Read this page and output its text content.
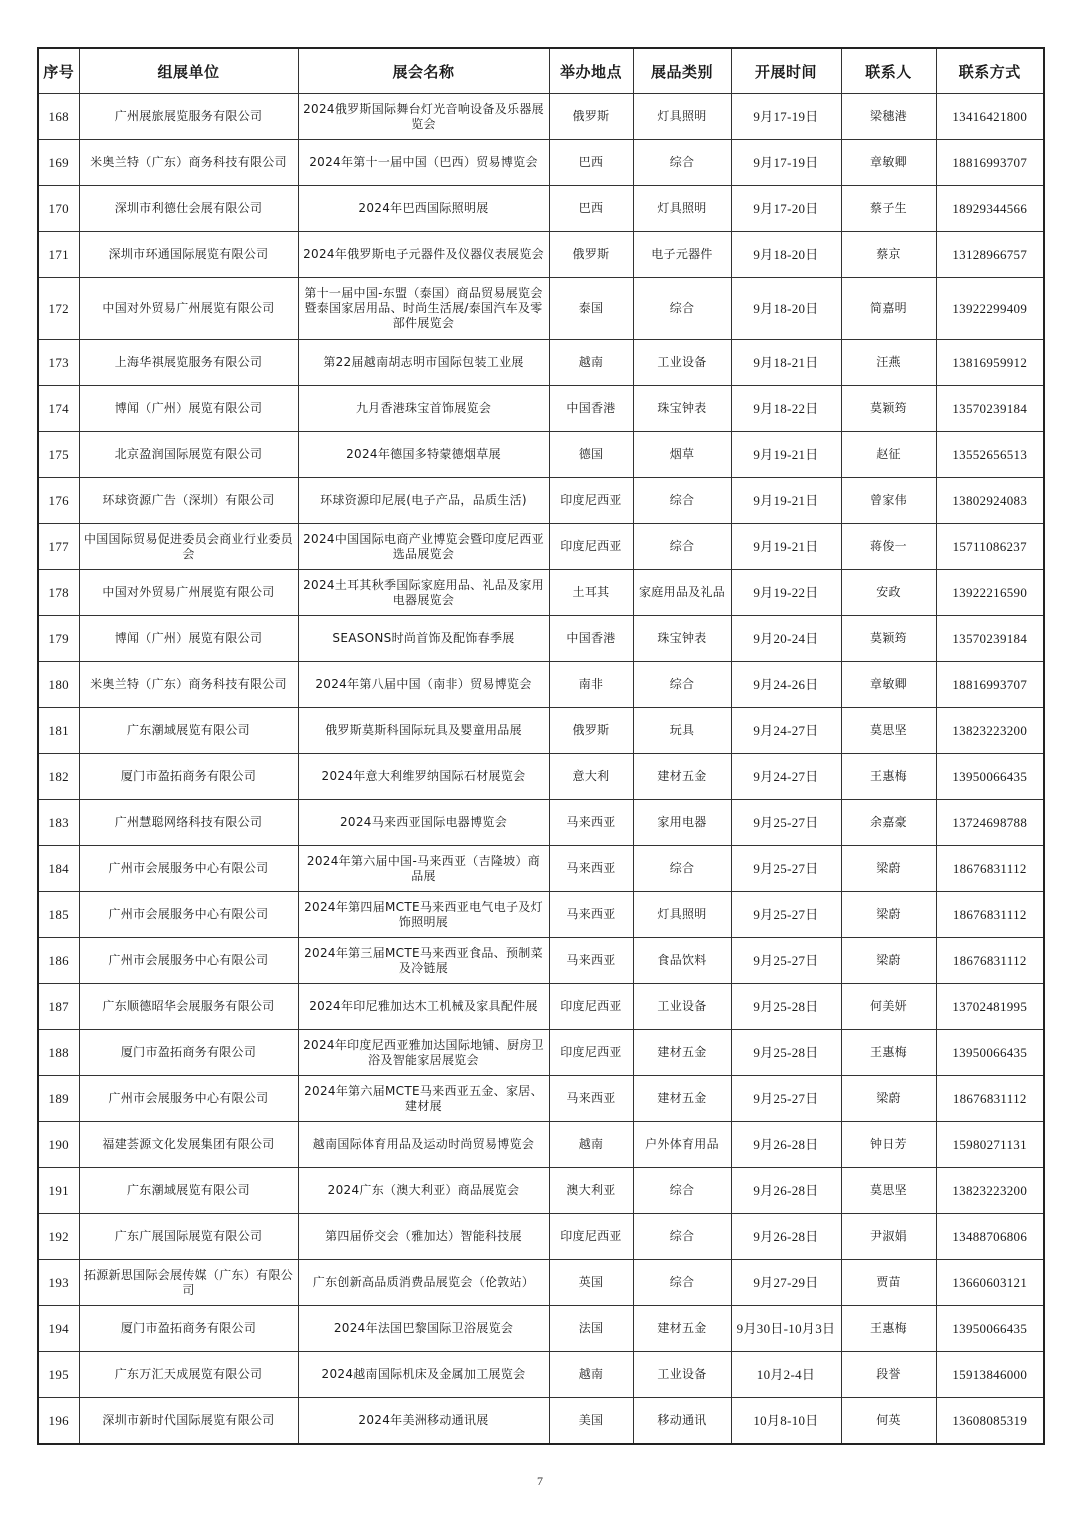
序号	组展单位	展会名称	举办地点	展品类别	开展时间	联系人	联系方式
168	广州展旅展览服务有限公司	2024俄罗斯国际舞台灯光音响设备及乐器展览会	俄罗斯	灯具照明	9月17-19日	梁穗港	13416421800
169	米奥兰特（广东）商务科技有限公司	2024年第十一届中国（巴西）贸易博览会	巴西	综合	9月17-19日	章敏卿	18816993707
170	深圳市利德仕会展有限公司	2024年巴西国际照明展	巴西	灯具照明	9月17-20日	蔡子生	18929344566
171	深圳市环通国际展览有限公司	2024年俄罗斯电子元器件及仪器仪表展览会	俄罗斯	电子元器件	9月18-20日	蔡京	13128966757
172	中国对外贸易广州展览有限公司	第十一届中国-东盟（泰国）商品贸易展览会暨泰国家居用品、时尚生活展/泰国汽车及零部件展览会	泰国	综合	9月18-20日	简嘉明	13922299409
173	上海华祺展览服务有限公司	第22届越南胡志明市国际包装工业展	越南	工业设备	9月18-21日	汪燕	13816959912
174	博闻（广州）展览有限公司	九月香港珠宝首饰展览会	中国香港	珠宝钟表	9月18-22日	莫颖筠	13570239184
175	北京盈润国际展览有限公司	2024年德国多特蒙德烟草展	德国	烟草	9月19-21日	赵征	13552656513
176	环球资源广告（深圳）有限公司	环球资源印尼展(电子产品，品质生活)	印度尼西亚	综合	9月19-21日	曾家伟	13802924083
177	中国国际贸易促进委员会商业行业委员会	2024中国国际电商产业博览会暨印度尼西亚选品展览会	印度尼西亚	综合	9月19-21日	蒋俊一	15711086237
178	中国对外贸易广州展览有限公司	2024土耳其秋季国际家庭用品、礼品及家用电器展览会	土耳其	家庭用品及礼品	9月19-22日	安政	13922216590
179	博闻（广州）展览有限公司	SEASONS时尚首饰及配饰春季展	中国香港	珠宝钟表	9月20-24日	莫颖筠	13570239184
180	米奥兰特（广东）商务科技有限公司	2024年第八届中国（南非）贸易博览会	南非	综合	9月24-26日	章敏卿	18816993707
181	广东潮域展览有限公司	俄罗斯莫斯科国际玩具及婴童用品展	俄罗斯	玩具	9月24-27日	莫思坚	13823223200
182	厦门市盈拓商务有限公司	2024年意大利维罗纳国际石材展览会	意大利	建材五金	9月24-27日	王惠梅	13950066435
183	广州慧聪网络科技有限公司	2024马来西亚国际电器博览会	马来西亚	家用电器	9月25-27日	余嘉豪	13724698788
184	广州市会展服务中心有限公司	2024年第六届中国-马来西亚（吉隆坡）商品展	马来西亚	综合	9月25-27日	梁蔚	18676831112
185	广州市会展服务中心有限公司	2024年第四届MCTE马来西亚电气电子及灯饰照明展	马来西亚	灯具照明	9月25-27日	梁蔚	18676831112
186	广州市会展服务中心有限公司	2024年第三届MCTE马来西亚食品、预制菜及冷链展	马来西亚	食品饮料	9月25-27日	梁蔚	18676831112
187	广东顺德昭华会展服务有限公司	2024年印尼雅加达木工机械及家具配件展	印度尼西亚	工业设备	9月25-28日	何美妍	13702481995
188	厦门市盈拓商务有限公司	2024年印度尼西亚雅加达国际地铺、厨房卫浴及智能家居展览会	印度尼西亚	建材五金	9月25-28日	王惠梅	13950066435
189	广州市会展服务中心有限公司	2024年第六届MCTE马来西亚五金、家居、建材展	马来西亚	建材五金	9月25-27日	梁蔚	18676831112
190	福建荟源文化发展集团有限公司	越南国际体育用品及运动时尚贸易博览会	越南	户外体育用品	9月26-28日	钟日芳	15980271131
191	广东潮域展览有限公司	2024广东（澳大利亚）商品展览会	澳大利亚	综合	9月26-28日	莫思坚	13823223200
192	广东广展国际展览有限公司	第四届侨交会（雅加达）智能科技展	印度尼西亚	综合	9月26-28日	尹淑娟	13488706806
193	拓源新思国际会展传媒（广东）有限公司	广东创新高品质消费品展览会（伦敦站）	英国	综合	9月27-29日	贾苗	13660603121
194	厦门市盈拓商务有限公司	2024年法国巴黎国际卫浴展览会	法国	建材五金	9月30日-10月3日	王惠梅	13950066435
195	广东万汇天成展览有限公司	2024越南国际机床及金属加工展览会	越南	工业设备	10月2-4日	段誉	15913846000
196	深圳市新时代国际展览有限公司	2024年美洲移动通讯展	美国	移动通讯	10月8-10日	何英	13608085319
7
